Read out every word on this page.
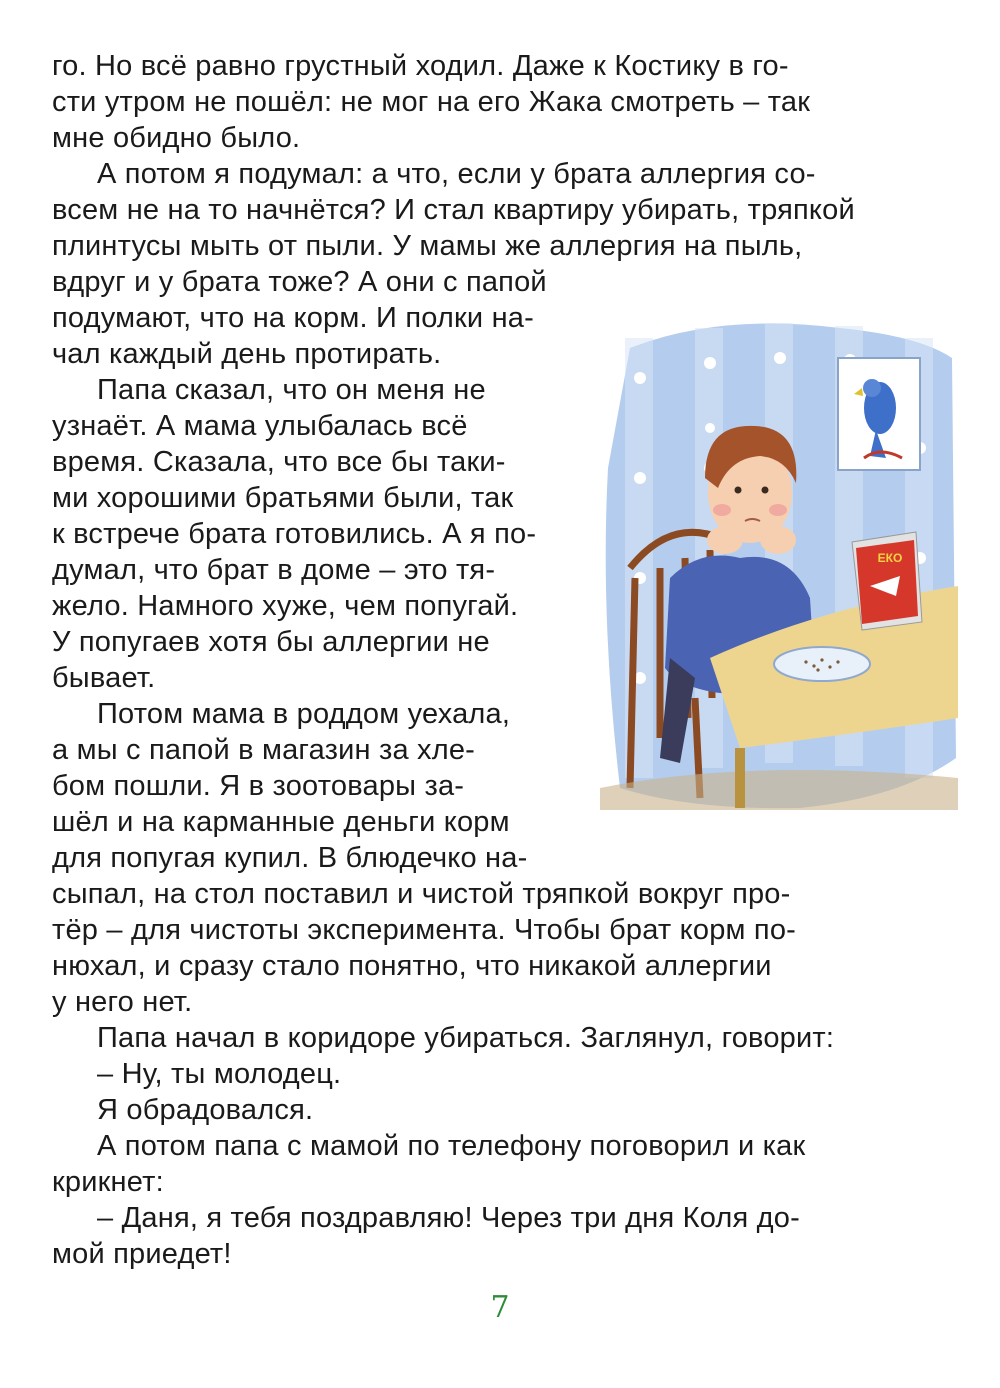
го. Но всё равно грустный ходил. Даже к Костику в го-
сти утром не пошёл: не мог на его Жака смотреть – так
мне обидно было.
А потом я подумал: а что, если у брата аллергия со-
всем не на то начнётся? И стал квартиру убирать, тряпкой
плинтусы мыть от пыли. У мамы же аллергия на пыль,
вдруг и у брата тоже? А они с папой
подумают, что на корм. И полки на-
чал каждый день протирать.
Папа сказал, что он меня не
узнаёт. А мама улыбалась всё
время. Сказала, что все бы таки-
ми хорошими братьями были, так
к встрече брата готовились. А я по-
думал, что брат в доме – это тя-
жело. Намного хуже, чем попугай.
У попугаев хотя бы аллергии не
бывает.
Потом мама в роддом уехала,
а мы с папой в магазин за хле-
бом пошли. Я в зоотовары за-
шёл и на карманные деньги корм
для попугая купил. В блюдечко на-
сыпал, на стол поставил и чистой тряпкой вокруг про-
тёр – для чистоты эксперимента. Чтобы брат корм по-
нюхал, и сразу стало понятно, что никакой аллергии
у него нет.
Папа начал в коридоре убираться. Заглянул, говорит:
– Ну, ты молодец.
Я обрадовался.
А потом папа с мамой по телефону поговорил и как
крикнет:
– Даня, я тебя поздравляю! Через три дня Коля до-
мой приедет!
ЕКО
7
